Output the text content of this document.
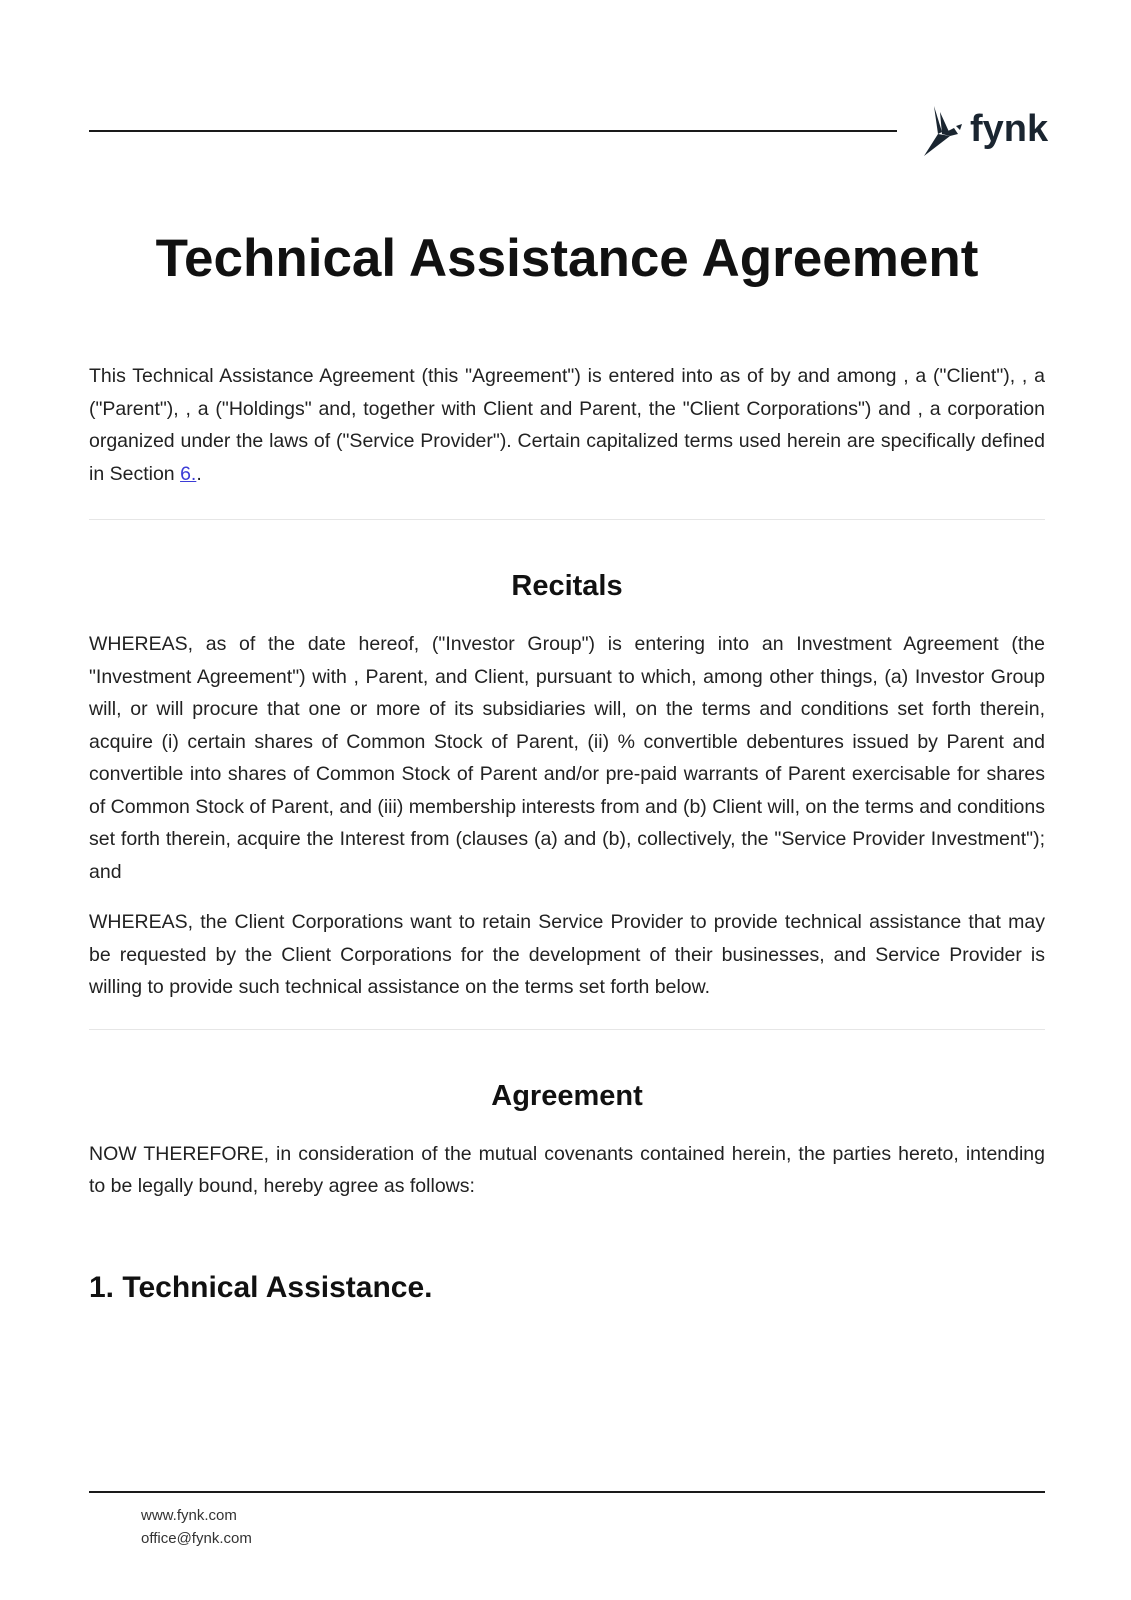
fynk
Technical Assistance Agreement

This Technical Assistance Agreement (this "Agreement") is entered into as of by and among , a ("Client"), , a ("Parent"), , a ("Holdings" and, together with Client and Parent, the "Client Corporations") and , a corporation organized under the laws of ("Service Provider"). Certain capitalized terms used herein are specifically defined in Section 6..

Recitals

WHEREAS, as of the date hereof, ("Investor Group") is entering into an Investment Agreement (the "Investment Agreement") with , Parent, and Client, pursuant to which, among other things, (a) Investor Group will, or will procure that one or more of its subsidiaries will, on the terms and conditions set forth therein, acquire (i) certain shares of Common Stock of Parent, (ii) % convertible debentures issued by Parent and convertible into shares of Common Stock of Parent and/or pre-paid warrants of Parent exercisable for shares of Common Stock of Parent, and (iii) membership interests from and (b) Client will, on the terms and conditions set forth therein, acquire the Interest from (clauses (a) and (b), collectively, the "Service Provider Investment"); and

WHEREAS, the Client Corporations want to retain Service Provider to provide technical assistance that may be requested by the Client Corporations for the development of their businesses, and Service Provider is willing to provide such technical assistance on the terms set forth below.

Agreement

NOW THEREFORE, in consideration of the mutual covenants contained herein, the parties hereto, intending to be legally bound, hereby agree as follows:

1. Technical Assistance.
www.fynk.com
office@fynk.com
